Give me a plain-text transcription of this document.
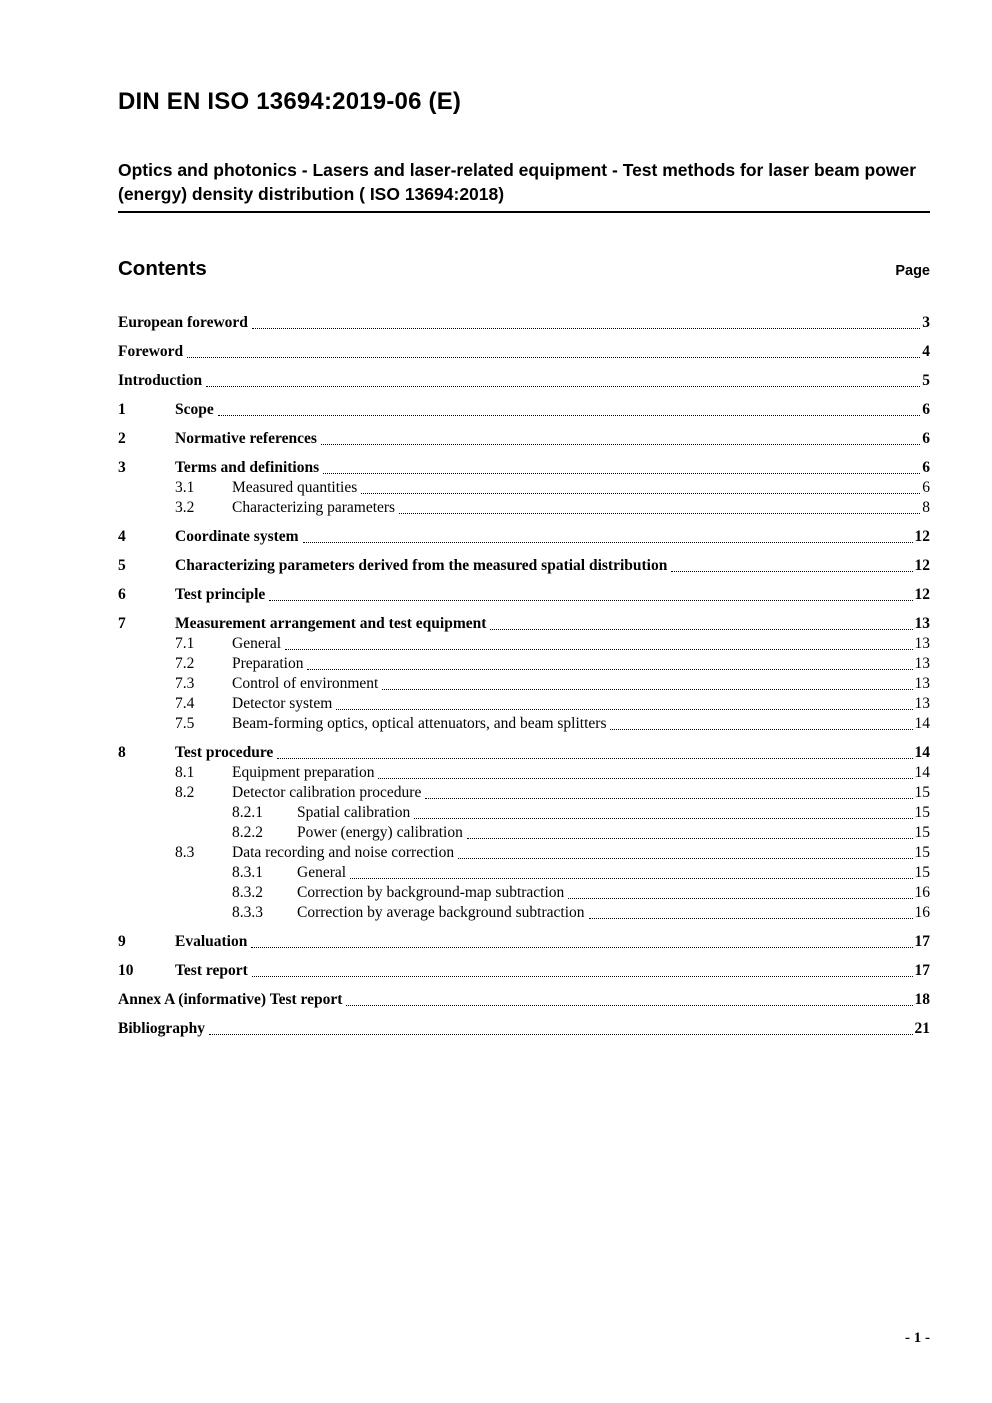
DIN EN ISO 13694:2019-06 (E)
Optics and photonics - Lasers and laser-related equipment - Test methods for laser beam power (energy) density distribution ( ISO 13694:2018)
Contents	Page
European foreword	3
Foreword	4
Introduction	5
1	Scope	6
2	Normative references	6
3	Terms and definitions	6
3.1	Measured quantities	6
3.2	Characterizing parameters	8
4	Coordinate system	12
5	Characterizing parameters derived from the measured spatial distribution	12
6	Test principle	12
7	Measurement arrangement and test equipment	13
7.1	General	13
7.2	Preparation	13
7.3	Control of environment	13
7.4	Detector system	13
7.5	Beam-forming optics, optical attenuators, and beam splitters	14
8	Test procedure	14
8.1	Equipment preparation	14
8.2	Detector calibration procedure	15
8.2.1	Spatial calibration	15
8.2.2	Power (energy) calibration	15
8.3	Data recording and noise correction	15
8.3.1	General	15
8.3.2	Correction by background-map subtraction	16
8.3.3	Correction by average background subtraction	16
9	Evaluation	17
10	Test report	17
Annex A (informative) Test report	18
Bibliography	21
- 1 -
